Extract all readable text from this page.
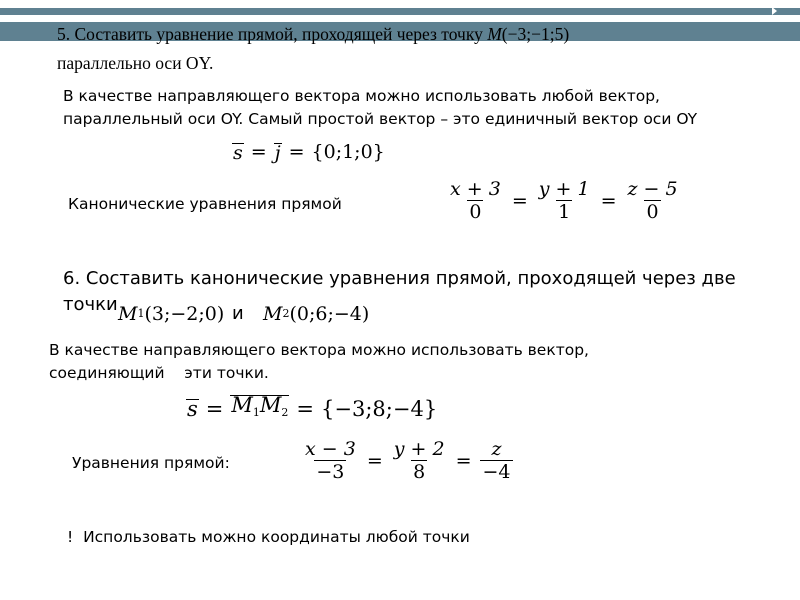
5. Составить уравнение прямой, проходящей через точку M(−3;−1;5)
параллельно оси OY.
В качестве направляющего вектора можно использовать любой вектор,
параллельный оси OY. Самый простой вектор – это единичный вектор оси OY
s = j = {0;1;0}
Канонические уравнения прямой	$\frac{x + 3}{0} = \frac{y + 1}{1} = \frac{z - 5}{0}$
6. Составить канонические уравнения прямой, проходящей через две
точки M 1 (3;−2;0) и M 2 (0;6;−4)
В качестве направляющего вектора можно использовать вектор,
соединяющий    эти точки.
$s = M_1M_2$ = {−3;8;−4}
Уравнения прямой:	$\frac{x - 3}{-3} = \frac{y + 2}{8} = \frac{z}{-4}$
!  Использовать можно координаты любой точки
